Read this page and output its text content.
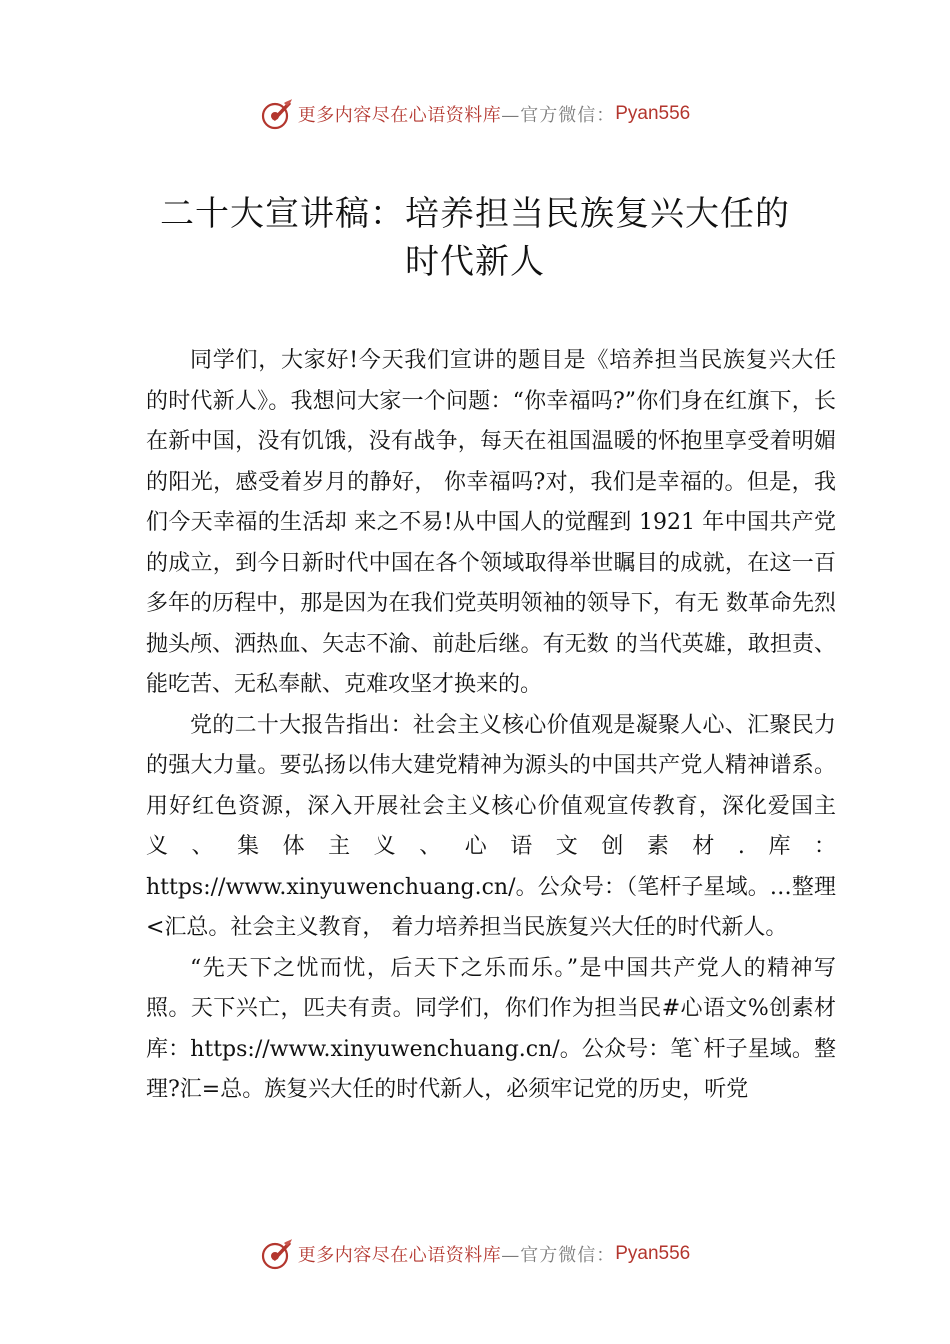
更多内容尽在心语资料库 —官方微信： Pyan556
二十大宣讲稿：培养担当民族复兴大任的
时代新人

同学们，大家好!今天我们宣讲的题目是《培养担当民族复兴大任的时代新人》。我想问大家一个问题：“你幸福吗?”你们身在红旗下，长在新中国，没有饥饿，没有战争，每天在祖国温暖的怀抱里享受着明媚的阳光，感受着岁月的静好， 你幸福吗?对，我们是幸福的。但是，我们今天幸福的生活却 来之不易!从中国人的觉醒到 1921 年中国共产党的成立，到今日新时代中国在各个领域取得举世瞩目的成就，在这一百 多年的历程中，那是因为在我们党英明领袖的领导下，有无 数革命先烈抛头颅、洒热血、矢志不渝、前赴后继。有无数 的当代英雄，敢担责、能吃苦、无私奉献、克难攻坚才换来的。

党的二十大报告指出：社会主义核心价值观是凝聚人心、汇聚民力的强大力量。要弘扬以伟大建党精神为源头的中国共产党人精神谱系。用好红色资源，深入开展社会主义核心价值观宣传教育，深化爱国主义、集体主义、心语文创素材.库：https://www.xinyuwenchuang.cn/。公众号：（笔杆子星域。…整理<汇总。社会主义教育， 着力培养担当民族复兴大任的时代新人。

“先天下之忧而忧，后天下之乐而乐。”是中国共产党人的精神写照。天下兴亡，匹夫有责。同学们，你们作为担当民#心语文%创素材库：https://www.xinyuwenchuang.cn/。公众号：笔`杆子星域。整理?汇=总。族复兴大任的时代新人，必须牢记党的历史，听党

更多内容尽在心语资料库 —官方微信： Pyan556
